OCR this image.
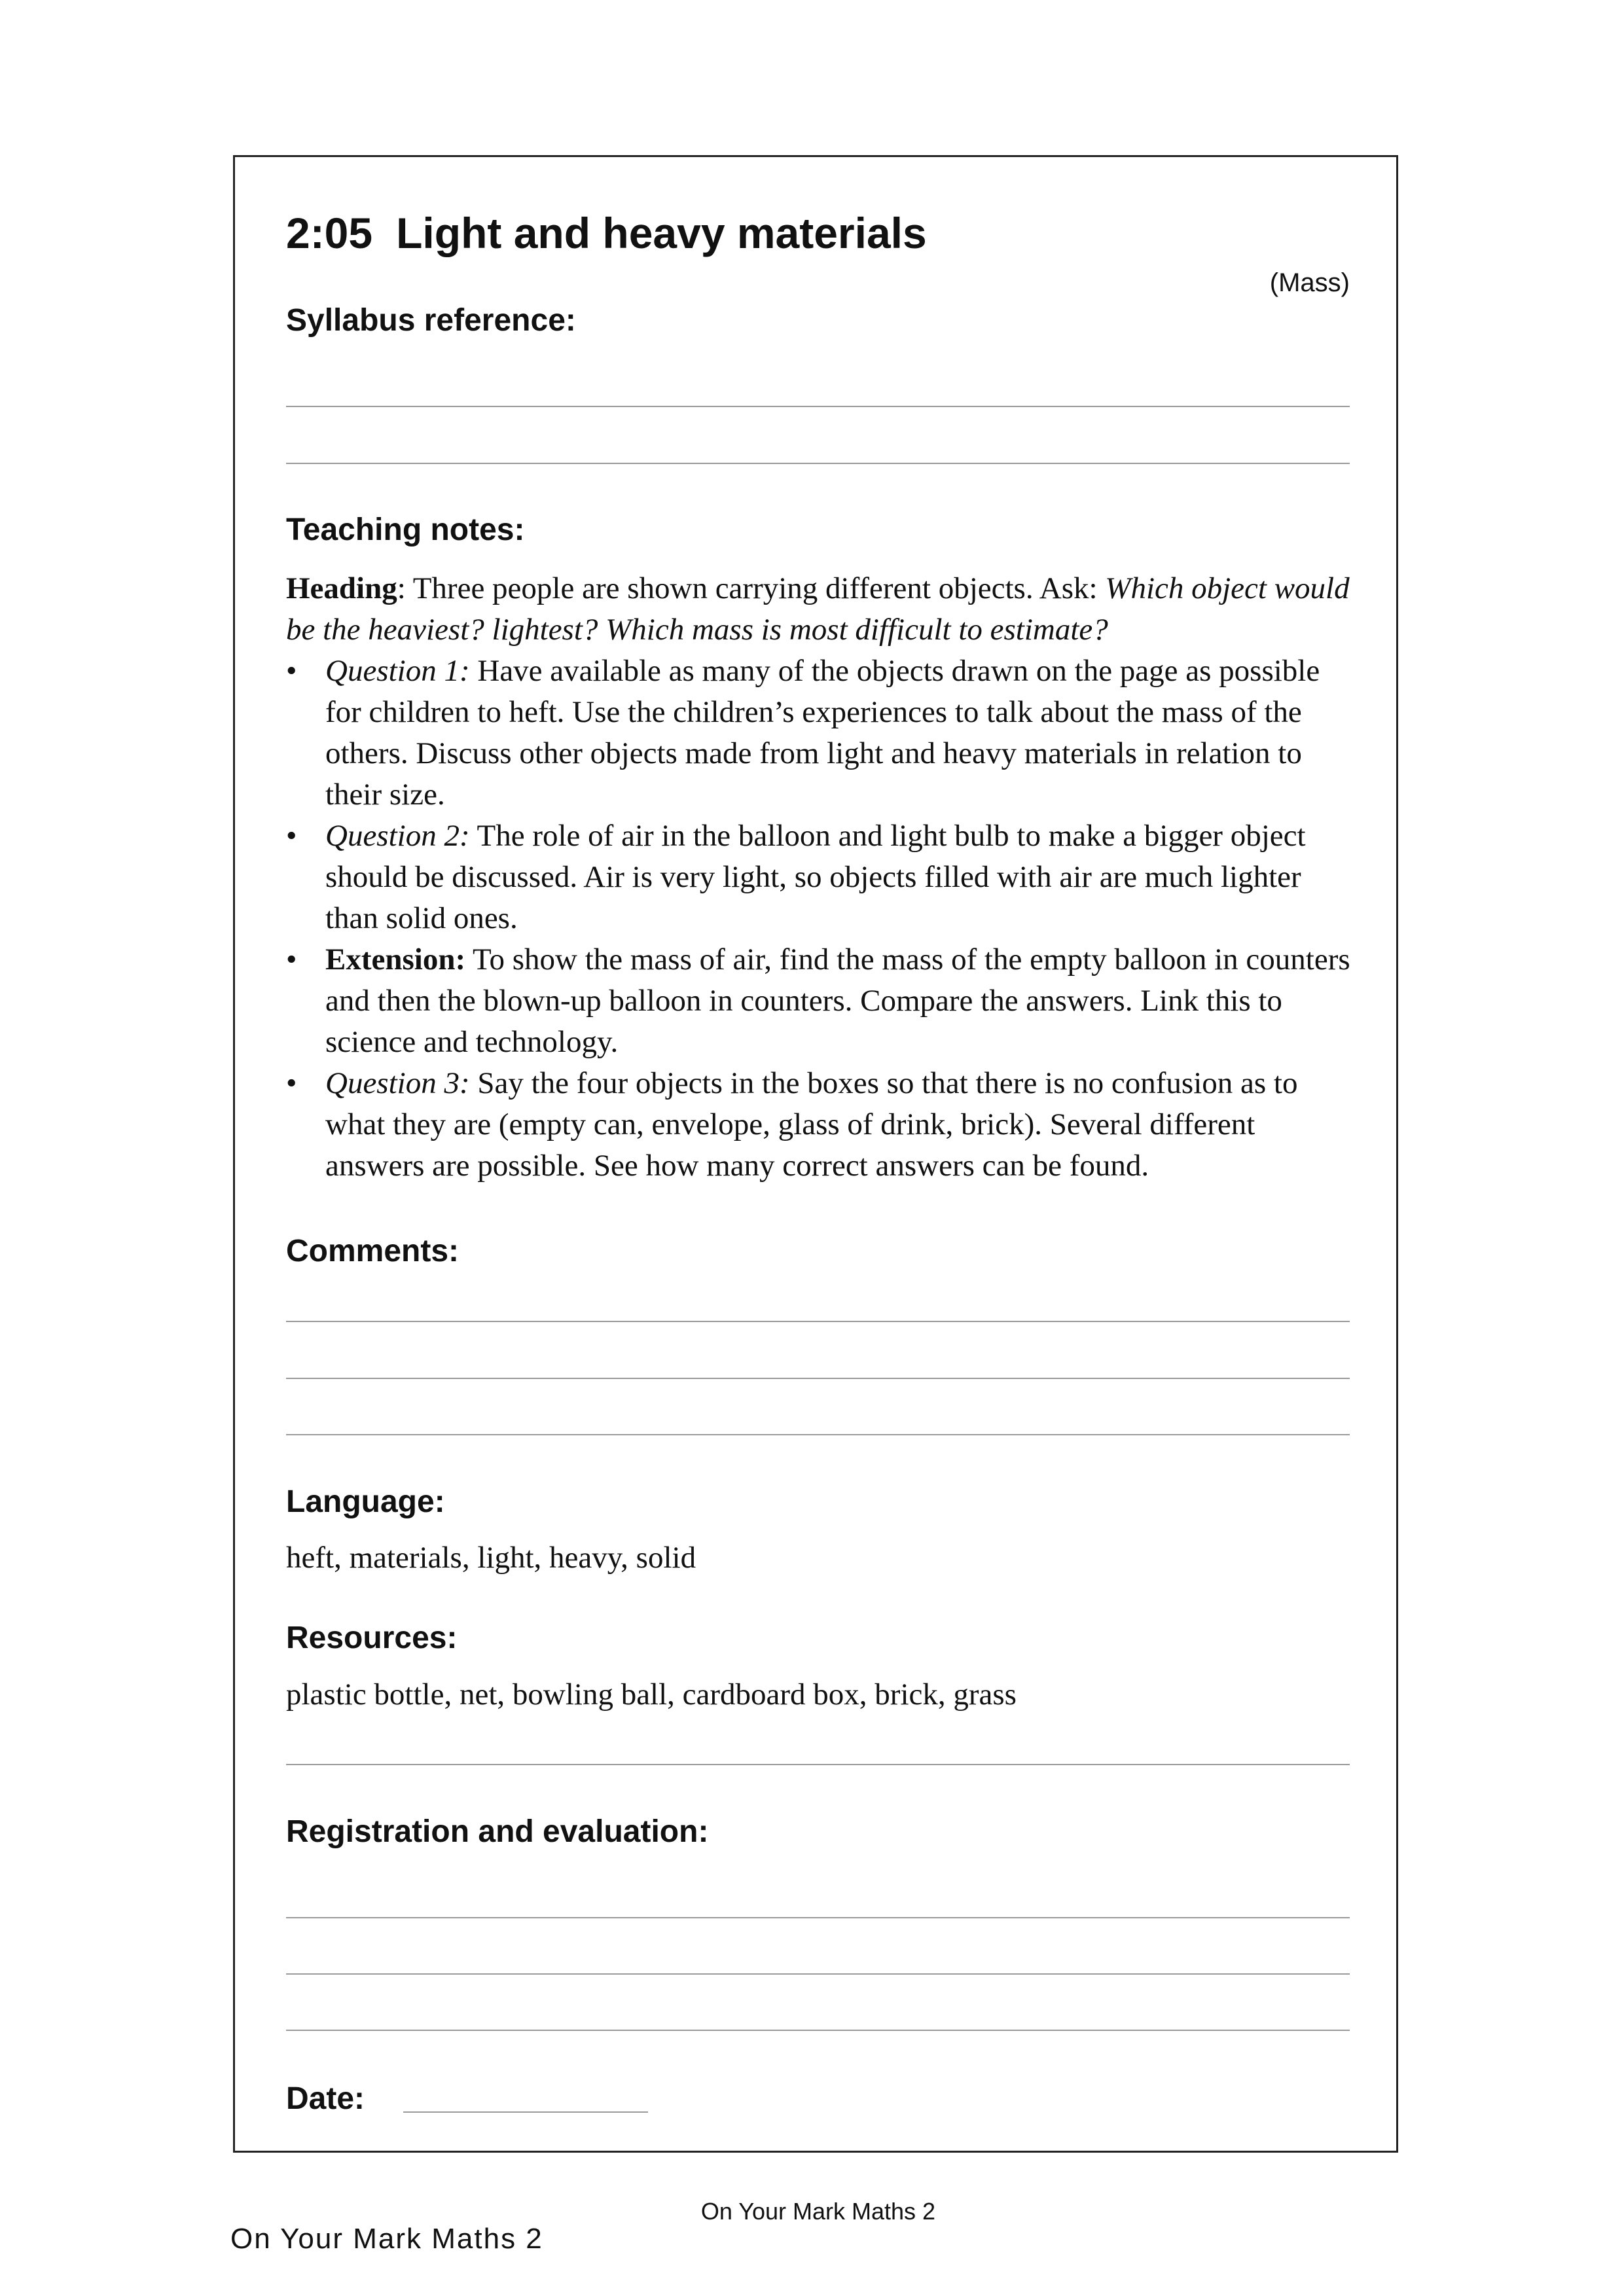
2:05 Light and heavy materials
(Mass)
Syllabus reference:
Teaching notes:

Heading: Three people are shown carrying different objects. Ask: Which object would be the heaviest? lightest? Which mass is most difficult to estimate?

• Question 1: Have available as many of the objects drawn on the page as possible for children to heft. Use the children’s experiences to talk about the mass of the others. Discuss other objects made from light and heavy materials in relation to their size.
• Question 2: The role of air in the balloon and light bulb to make a bigger object should be discussed. Air is very light, so objects filled with air are much lighter than solid ones.
• Extension: To show the mass of air, find the mass of the empty balloon in counters and then the blown-up balloon in counters. Compare the answers. Link this to science and technology.
• Question 3: Say the four objects in the boxes so that there is no confusion as to what they are (empty can, envelope, glass of drink, brick). Several different answers are possible. See how many correct answers can be found.
Comments:
Language:
heft, materials, light, heavy, solid
Resources:
plastic bottle, net, bowling ball, cardboard box, brick, grass
Registration and evaluation:
Date:
On Your Mark Maths 2
On Your Mark Maths 2
